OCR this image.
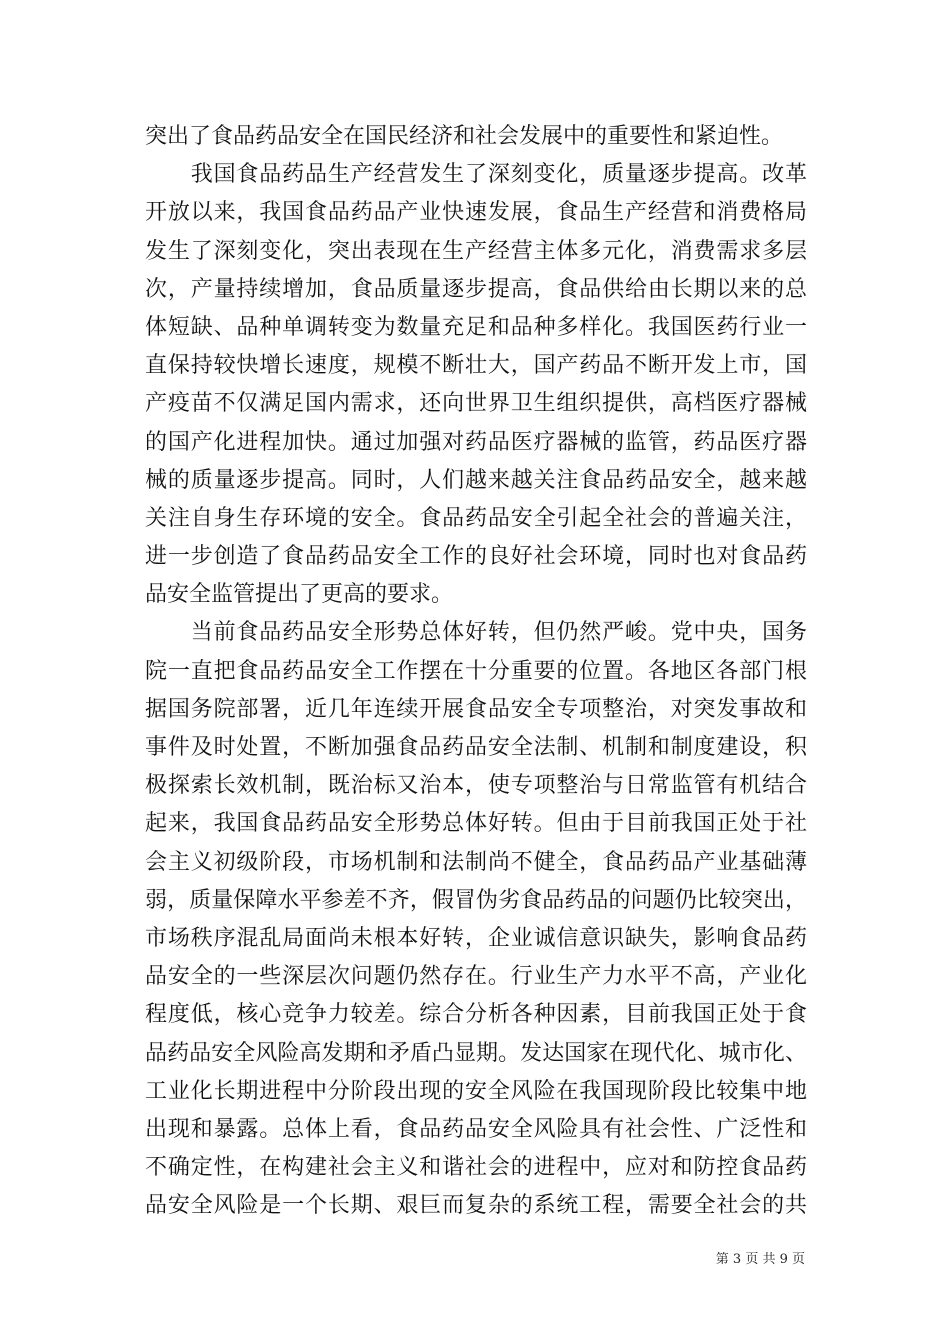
突出了食品药品安全在国民经济和社会发展中的重要性和紧迫性。
　　我国食品药品生产经营发生了深刻变化，质量逐步提高。改革
开放以来，我国食品药品产业快速发展，食品生产经营和消费格局
发生了深刻变化，突出表现在生产经营主体多元化，消费需求多层
次，产量持续增加，食品质量逐步提高，食品供给由长期以来的总
体短缺、品种单调转变为数量充足和品种多样化。我国医药行业一
直保持较快增长速度，规模不断壮大，国产药品不断开发上市，国
产疫苗不仅满足国内需求，还向世界卫生组织提供，高档医疗器械
的国产化进程加快。通过加强对药品医疗器械的监管，药品医疗器
械的质量逐步提高。同时，人们越来越关注食品药品安全，越来越
关注自身生存环境的安全。食品药品安全引起全社会的普遍关注，
进一步创造了食品药品安全工作的良好社会环境，同时也对食品药
品安全监管提出了更高的要求。
　　当前食品药品安全形势总体好转，但仍然严峻。党中央，国务
院一直把食品药品安全工作摆在十分重要的位置。各地区各部门根
据国务院部署，近几年连续开展食品安全专项整治，对突发事故和
事件及时处置，不断加强食品药品安全法制、机制和制度建设，积
极探索长效机制，既治标又治本，使专项整治与日常监管有机结合
起来，我国食品药品安全形势总体好转。但由于目前我国正处于社
会主义初级阶段，市场机制和法制尚不健全，食品药品产业基础薄
弱，质量保障水平参差不齐，假冒伪劣食品药品的问题仍比较突出，
市场秩序混乱局面尚未根本好转，企业诚信意识缺失，影响食品药
品安全的一些深层次问题仍然存在。行业生产力水平不高，产业化
程度低，核心竞争力较差。综合分析各种因素，目前我国正处于食
品药品安全风险高发期和矛盾凸显期。发达国家在现代化、城市化、
工业化长期进程中分阶段出现的安全风险在我国现阶段比较集中地
出现和暴露。总体上看，食品药品安全风险具有社会性、广泛性和
不确定性，在构建社会主义和谐社会的进程中，应对和防控食品药
品安全风险是一个长期、艰巨而复杂的系统工程，需要全社会的共
第 3 页 共 9 页
